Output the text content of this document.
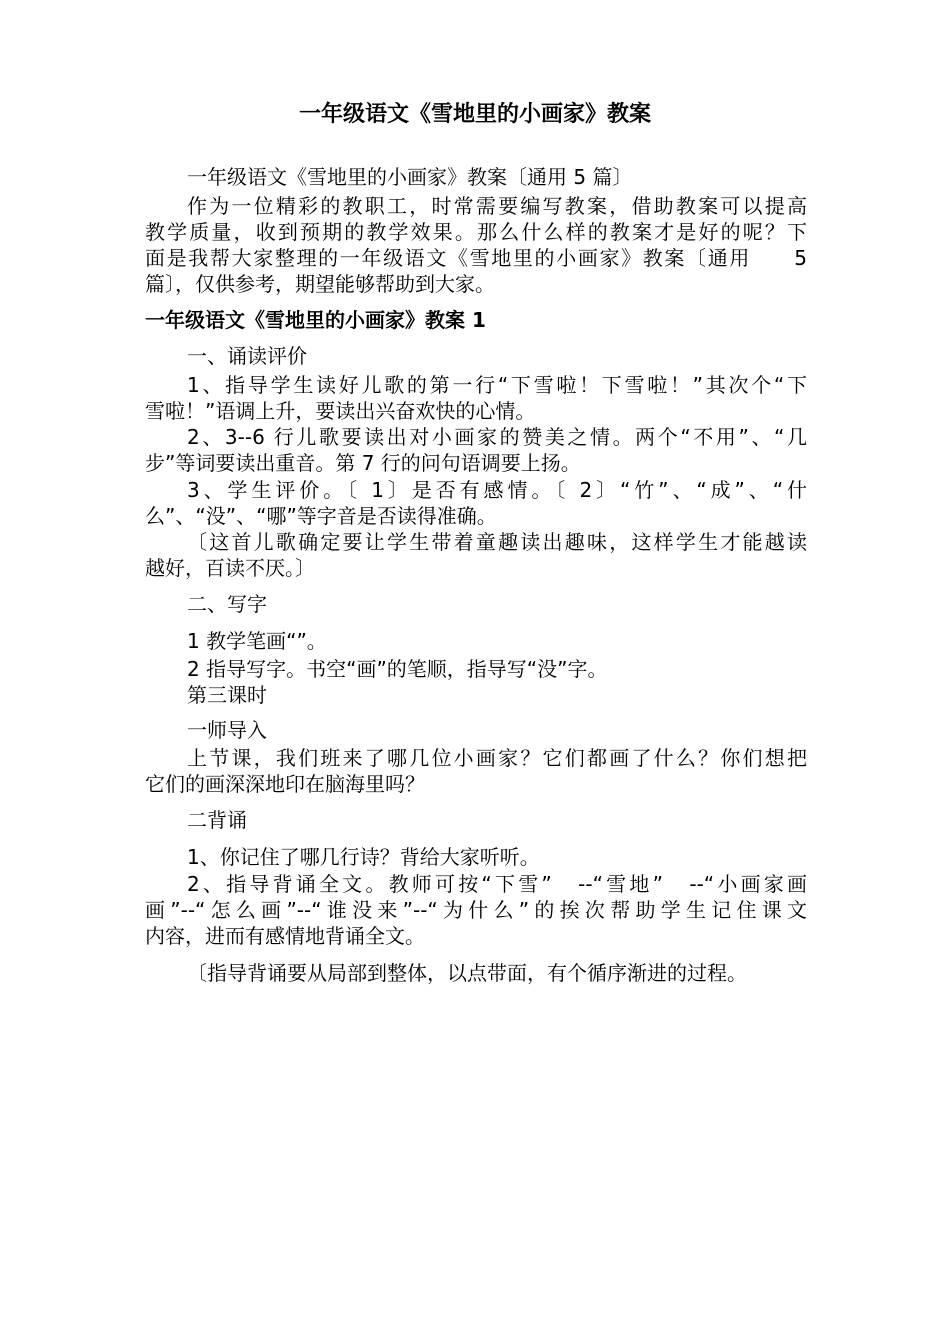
一年级语文《雪地里的小画家》教案
一年级语文《雪地里的小画家》教案〔通用 5 篇〕
作为一位精彩的教职工，时常需要编写教案，借助教案可以提高
教学质量，收到预期的教学效果。那么什么样的教案才是好的呢？下
面是我帮大家整理的一年级语文《雪地里的小画家》教案〔通用　　5
篇〕，仅供参考，期望能够帮助到大家。
一年级语文《雪地里的小画家》教案 1
一、诵读评价
1、指导学生读好儿歌的第一行“下雪啦！下雪啦！”其次个“下
雪啦！”语调上升，要读出兴奋欢快的心情。
2、3--6 行儿歌要读出对小画家的赞美之情。两个“不用”、“几
步”等词要读出重音。第 7 行的问句语调要上扬。
3、学生评价。〔 1〕是否有感情。〔 2〕“竹”、“成”、“什
么”、“没”、“哪”等字音是否读得准确。
〔这首儿歌确定要让学生带着童趣读出趣味，这样学生才能越读
越好，百读不厌。〕
二、写字
1 教学笔画“”。
2 指导写字。书空“画”的笔顺，指导写“没”字。
第三课时
一师导入
上节课，我们班来了哪几位小画家？它们都画了什么？你们想把
它们的画深深地印在脑海里吗？
二背诵
1、你记住了哪几行诗？背给大家听听。
2、指导背诵全文。教师可按“下雪”　--“雪地”　--“小画家画
画”--“怎么画”--“谁没来”--“为什么”的挨次帮助学生记住课文
内容，进而有感情地背诵全文。
〔指导背诵要从局部到整体，以点带面，有个循序渐进的过程。
